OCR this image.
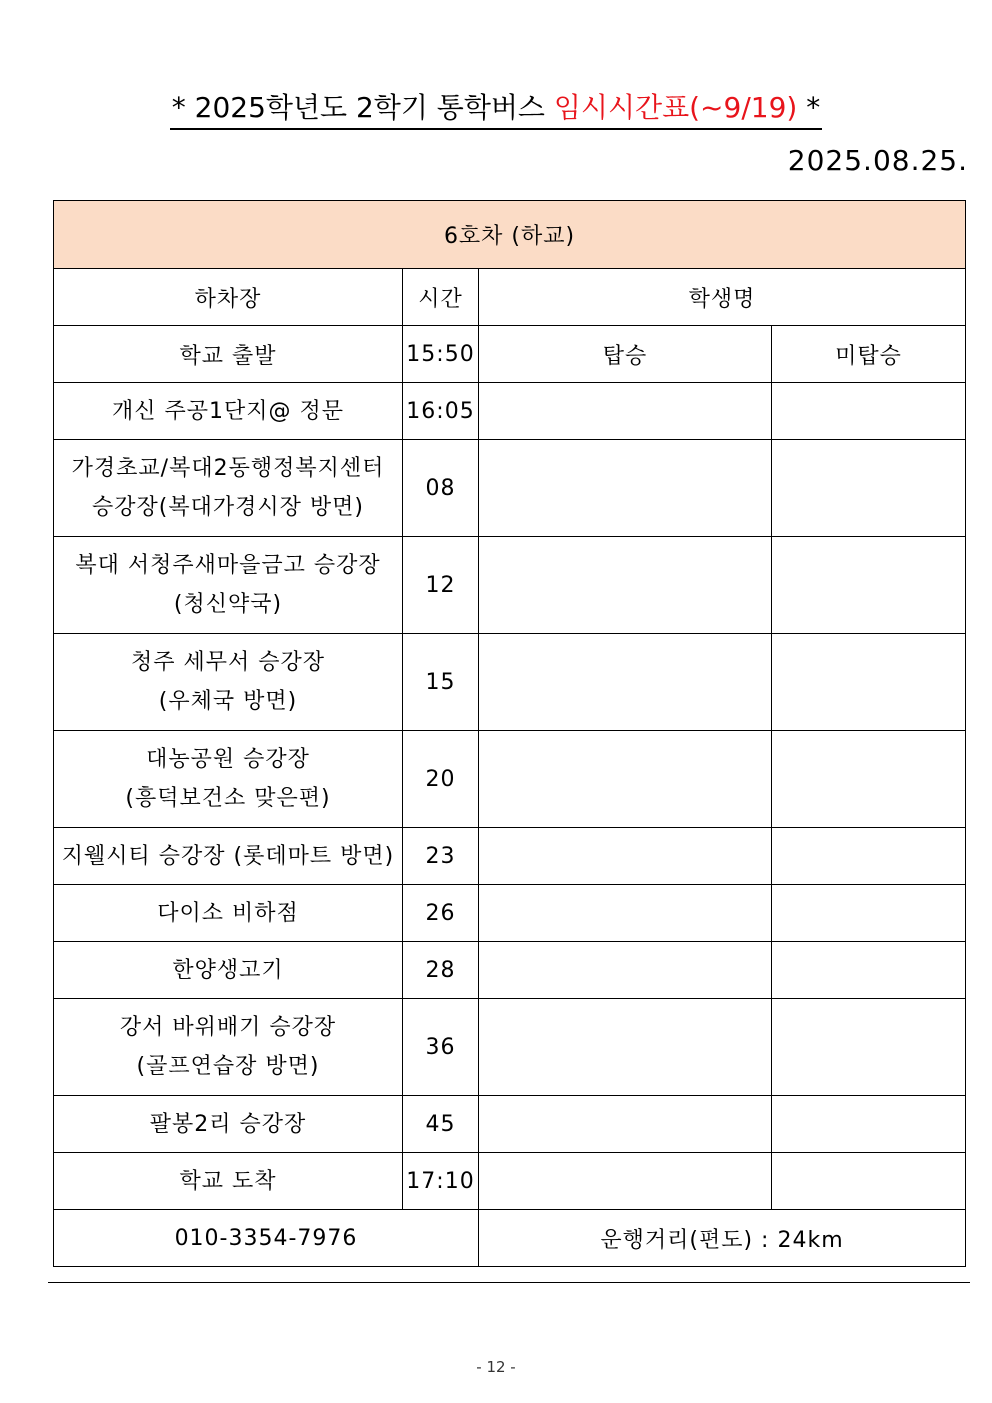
* 2025학년도 2학기 통학버스 임시시간표(~9/19) *
2025.08.25.
6호차 (하교)			
하차장	시간	학생명	
학교 출발	15:50	탑승	미탑승

개신 주공1단지@ 정문	16:05		

가경초교/복대2동행정복지센터
승강장(복대가경시장 방면)	08		

복대 서청주새마을금고 승강장
(청신약국)	12		

청주 세무서 승강장
(우체국 방면)	15		

대농공원 승강장
(흥덕보건소 맞은편)	20		

지웰시티 승강장 (롯데마트 방면)	23		

다이소 비하점	26		

한양생고기	28		

강서 바위배기 승강장
(골프연습장 방면)	36		

팔봉2리 승강장	45		

학교 도착	17:10		
010-3354-7976		운행거리(편도) : 24km	
- 12 -
